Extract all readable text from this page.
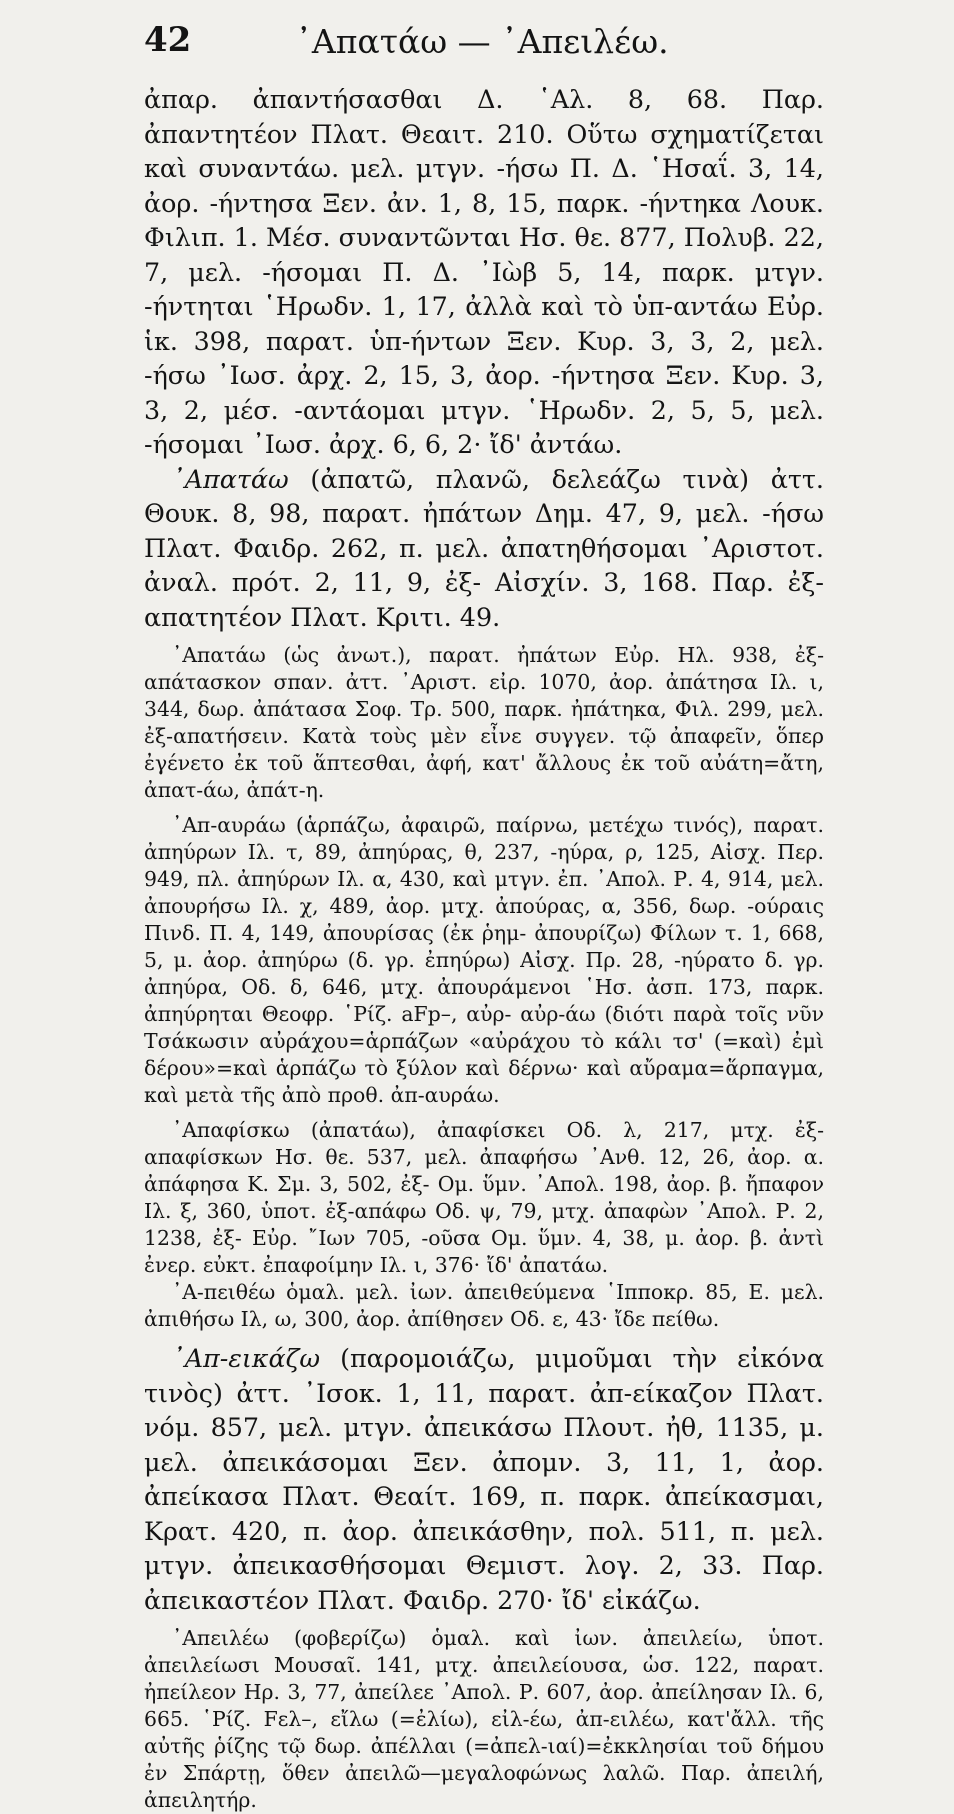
42	᾿Απατάω — ᾿Απειλέω.

ἀπαρ. ἀπαντήσασθαι Δ. ῾Αλ. 8, 68. Παρ. ἀπαντητέον Πλατ. Θεαιτ. 210. Οὕτω σχηματίζεται καὶ συναντάω. μελ. μτγν. -ήσω Π. Δ. ῾Ησαΐ. 3, 14, ἀορ. -ήντησα Ξεν. ἀν. 1, 8, 15, παρκ. -ήντηκα Λουκ. Φιλιπ. 1. Μέσ. συναντῶνται Ησ. θε. 877, Πολυβ. 22, 7, μελ. -ήσομαι Π. Δ. ᾿Ιὼβ 5, 14, παρκ. μτγν. -ήντηται ῾Ηρωδν. 1, 17, ἀλλὰ καὶ τὸ ὑπ-αντάω Εὐρ. ἱκ. 398, παρατ. ὑπ-ήντων Ξεν. Κυρ. 3, 3, 2, μελ. -ήσω ᾿Ιωσ. ἀρχ. 2, 15, 3, ἀορ. -ήντησα Ξεν. Κυρ. 3, 3, 2, μέσ. -αντάομαι μτγν. ῾Ηρωδν. 2, 5, 5, μελ. -ήσομαι ᾿Ιωσ. ἀρχ. 6, 6, 2· ἴδ' ἀντάω.

᾿Απατάω (ἀπατῶ, πλανῶ, δελεάζω τινὰ) ἀττ. Θουκ. 8, 98, παρατ. ἠπάτων Δημ. 47, 9, μελ. -ήσω Πλατ. Φαιδρ. 262, π. μελ. ἀπατηθήσομαι ᾿Αριστοτ. ἀναλ. πρότ. 2, 11, 9, ἐξ- Αἰσχίν. 3, 168. Παρ. ἐξ-απατητέον Πλατ. Κριτι. 49.

᾿Απατάω (ὡς ἀνωτ.), παρατ. ἠπάτων Εὐρ. Ηλ. 938, ἐξ-απάτασκον σπαν. ἀττ. ᾿Αριστ. εἰρ. 1070, ἀορ. ἀπάτησα Ιλ. ι, 344, δωρ. ἀπάτασα Σοφ. Τρ. 500, παρκ. ἠπάτηκα, Φιλ. 299, μελ. ἐξ-απατήσειν. Κατὰ τοὺς μὲν εἶνε συγγεν. τῷ ἀπαφεῖν, ὅπερ ἐγένετο ἐκ τοῦ ἅπτεσθαι, ἀφή, κατ' ἄλλους ἐκ τοῦ αὐάτη=ἄτη, ἀπατ-άω, ἀπάτ-η.

᾿Απ-αυράω (ἁρπάζω, ἀφαιρῶ, παίρνω, μετέχω τινός), παρατ. ἀπηύρων Ιλ. τ, 89, ἀπηύρας, θ, 237, -ηύρα, ρ, 125, Αἰσχ. Περ. 949, πλ. ἀπηύρων Ιλ. α, 430, καὶ μτγν. ἐπ. ᾿Απολ. Ρ. 4, 914, μελ. ἀπουρήσω Ιλ. χ, 489, ἀορ. μτχ. ἀπούρας, α, 356, δωρ. -ούραις Πινδ. Π. 4, 149, ἀπουρίσας (ἐκ ῥημ- ἀπουρίζω) Φίλων τ. 1, 668, 5, μ. ἀορ. ἀπηύρω (δ. γρ. ἐπηύρω) Αἰσχ. Πρ. 28, -ηύρατο δ. γρ. ἀπηύρα, Οδ. δ, 646, μτχ. ἀπουράμενοι ῾Ησ. ἀσπ. 173, παρκ. ἀπηύρηται Θεοφρ. ῾Ρίζ. aFp–, αὐρ- αὐρ-άω (διότι παρὰ τοῖς νῦν Τσάκωσιν αὐράχου=ἁρπάζων «αὐράχου τὸ κάλι τσ' (=καὶ) ἐμὶ δέρου»=καὶ ἁρπάζω τὸ ξύλον καὶ δέρνω· καὶ αὔραμα=ἅρπαγμα, καὶ μετὰ τῆς ἀπὸ προθ. ἀπ-αυράω.

᾿Απαφίσκω (ἀπατάω), ἀπαφίσκει Οδ. λ, 217, μτχ. ἐξ-απαφίσκων Ησ. θε. 537, μελ. ἀπαφήσω ᾿Ανθ. 12, 26, ἀορ. α. ἀπάφησα Κ. Σμ. 3, 502, ἐξ- Ομ. ὕμν. ᾿Απολ. 198, ἀορ. β. ἤπαφον Ιλ. ξ, 360, ὑποτ. ἐξ-απάφω Οδ. ψ, 79, μτχ. ἀπαφὼν ᾿Απολ. Ρ. 2, 1238, ἐξ- Εὐρ. ῎Ιων 705, -οῦσα Ομ. ὕμν. 4, 38, μ. ἀορ. β. ἀντὶ ἐνερ. εὐκτ. ἐπαφοίμην Ιλ. ι, 376· ἴδ' ἀπατάω.

᾿Α-πειθέω ὁμαλ. μελ. ἰων. ἀπειθεύμενα ῾Ιπποκρ. 85, Ε. μελ. ἀπιθήσω Ιλ, ω, 300, ἀορ. ἀπίθησεν Οδ. ε, 43· ἴδε πείθω.

᾿Απ-εικάζω (παρομοιάζω, μιμοῦμαι τὴν εἰκόνα τινὸς) ἀττ. ᾿Ισοκ. 1, 11, παρατ. ἀπ-είκαζον Πλατ. νόμ. 857, μελ. μτγν. ἀπεικάσω Πλουτ. ἠθ, 1135, μ. μελ. ἀπεικάσομαι Ξεν. ἀπομν. 3, 11, 1, ἀορ. ἀπείκασα Πλατ. Θεαίτ. 169, π. παρκ. ἀπείκασμαι, Κρατ. 420, π. ἀορ. ἀπεικάσθην, πολ. 511, π. μελ. μτγν. ἀπεικασθήσομαι Θεμιστ. λογ. 2, 33. Παρ. ἀπεικαστέον Πλατ. Φαιδρ. 270· ἴδ' εἰκάζω.

᾿Απειλέω (φοβερίζω) ὁμαλ. καὶ ἰων. ἀπειλείω, ὑποτ. ἀπειλείωσι Μουσαῖ. 141, μτχ. ἀπειλείουσα, ὡσ. 122, παρατ. ἠπείλεον Ηρ. 3, 77, ἀπείλεε ᾿Απολ. Ρ. 607, ἀορ. ἀπείλησαν Ιλ. 6, 665. ῾Ρίζ. Fελ–, εἴλω (=ἐλίω), εἰλ-έω, ἀπ-ειλέω, κατ'ἄλλ. τῆς αὐτῆς ῥίζης τῷ δωρ. ἀπέλλαι (=ἀπελ-ιαί)=ἐκκλησίαι τοῦ δήμου ἐν Σπάρτῃ, ὅθεν ἀπειλῶ—μεγαλοφώνως λαλῶ. Παρ. ἀπειλή, ἀπειλητήρ.
